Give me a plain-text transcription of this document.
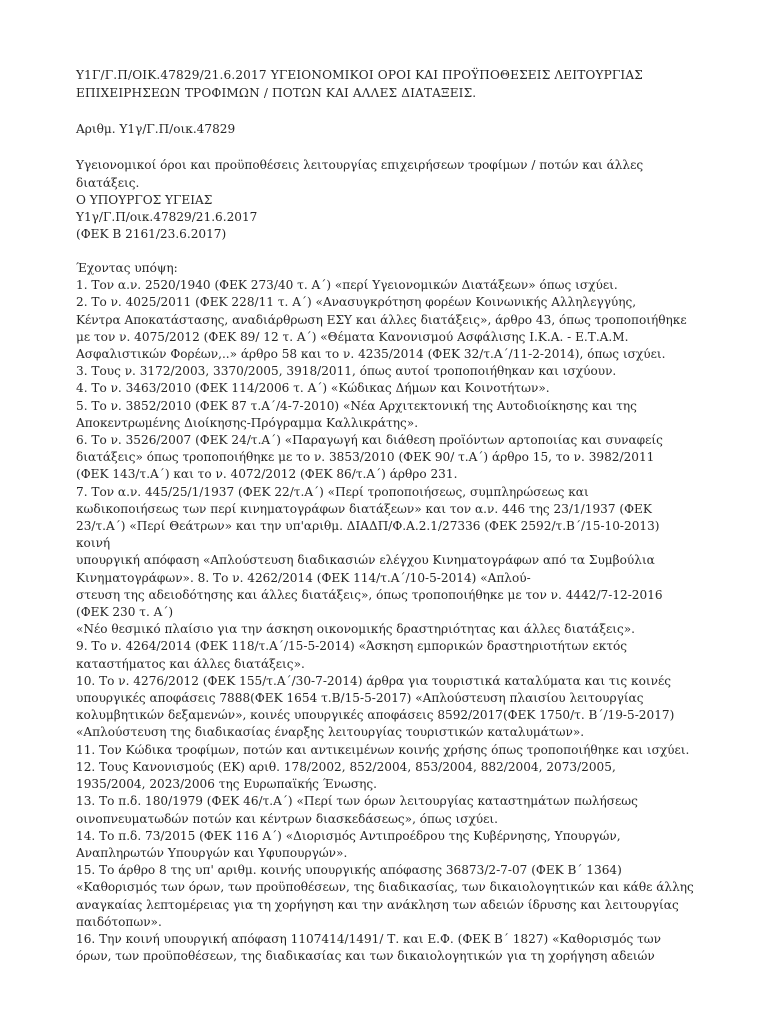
Υ1Γ/Γ.Π/ΟΙΚ.47829/21.6.2017 ΥΓΕΙΟΝΟΜΙΚΟΙ ΟΡΟΙ ΚΑΙ ΠΡΟΫΠΟΘΕΣΕΙΣ ΛΕΙΤΟΥΡΓΙΑΣ
ΕΠΙΧΕΙΡΗΣΕΩΝ ΤΡΟΦΙΜΩΝ / ΠΟΤΩΝ ΚΑΙ ΑΛΛΕΣ ΔΙΑΤΑΞΕΙΣ.
Αριθμ. Υ1γ/Γ.Π/οικ.47829
Υγειονομικοί όροι και προϋποθέσεις λειτουργίας επιχειρήσεων τροφίμων / ποτών και άλλες
διατάξεις.
Ο ΥΠΟΥΡΓΟΣ ΥΓΕΙΑΣ
Υ1γ/Γ.Π/οικ.47829/21.6.2017
(ΦΕΚ Β 2161/23.6.2017)
Έχοντας υπόψη:
1. Τον α.ν. 2520/1940 (ΦΕΚ 273/40 τ. Α΄) «περί Υγειονομικών Διατάξεων» όπως ισχύει.
2. Το ν. 4025/2011 (ΦΕΚ 228/11 τ. Α΄) «Ανασυγκρότηση φορέων Κοινωνικής Αλληλεγγύης,
Κέντρα Αποκατάστασης, αναδιάρθρωση ΕΣΥ και άλλες διατάξεις», άρθρο 43, όπως τροποποιήθηκε
με τον ν. 4075/2012 (ΦΕΚ 89/ 12 τ. Α΄) «Θέματα Κανονισμού Ασφάλισης Ι.Κ.Α. - Ε.Τ.Α.Μ.
Ασφαλιστικών Φορέων,..» άρθρο 58 και το ν. 4235/2014 (ΦΕΚ 32/τ.Α΄/11-2-2014), όπως ισχύει.
3. Τους ν. 3172/2003, 3370/2005, 3918/2011, όπως αυτοί τροποποιήθηκαν και ισχύουν.
4. Το ν. 3463/2010 (ΦΕΚ 114/2006 τ. Α΄) «Κώδικας Δήμων και Κοινοτήτων».
5. Το ν. 3852/2010 (ΦΕΚ 87 τ.Α΄/4-7-2010) «Νέα Αρχιτεκτονική της Αυτοδιοίκησης και της
Αποκεντρωμένης Διοίκησης-Πρόγραμμα Καλλικράτης».
6. Το ν. 3526/2007 (ΦΕΚ 24/τ.Α΄) «Παραγωγή και διάθεση προϊόντων αρτοποιίας και συναφείς
διατάξεις» όπως τροποποιήθηκε με το ν. 3853/2010 (ΦΕΚ 90/ τ.Α΄) άρθρο 15, το ν. 3982/2011
(ΦΕΚ 143/τ.Α΄) και το ν. 4072/2012 (ΦΕΚ 86/τ.Α΄) άρθρο 231.
7. Τον α.ν. 445/25/1/1937 (ΦΕΚ 22/τ.Α΄) «Περί τροποποιήσεως, συμπληρώσεως και
κωδικοποιήσεως των περί κινηματογράφων διατάξεων» και τον α.ν. 446 της 23/1/1937 (ΦΕΚ
23/τ.Α΄) «Περί Θεάτρων» και την υπ'αριθμ. ΔΙΑΔΠ/Φ.Α.2.1/27336 (ΦΕΚ 2592/τ.Β΄/15-10-2013)
κοινή
υπουργική απόφαση «Απλούστευση διαδικασιών ελέγχου Κινηματογράφων από τα Συμβούλια
Κινηματογράφων». 8. Το ν. 4262/2014 (ΦΕΚ 114/τ.Α΄/10-5-2014) «Απλού-
στευση της αδειοδότησης και άλλες διατάξεις», όπως τροποποιήθηκε με τον ν. 4442/7-12-2016
(ΦΕΚ 230 τ. Α΄)
«Νέο θεσμικό πλαίσιο για την άσκηση οικονομικής δραστηριότητας και άλλες διατάξεις».
9. Το ν. 4264/2014 (ΦΕΚ 118/τ.Α΄/15-5-2014) «Άσκηση εμπορικών δραστηριοτήτων εκτός
καταστήματος και άλλες διατάξεις».
10. Το ν. 4276/2012 (ΦΕΚ 155/τ.Α΄/30-7-2014) άρθρα για τουριστικά καταλύματα και τις κοινές
υπουργικές αποφάσεις 7888(ΦΕΚ 1654 τ.Β/15-5-2017) «Απλούστευση πλαισίου λειτουργίας
κολυμβητικών δεξαμενών», κοινές υπουργικές αποφάσεις 8592/2017(ΦΕΚ 1750/τ. Β΄/19-5-2017)
«Απλούστευση της διαδικασίας έναρξης λειτουργίας τουριστικών καταλυμάτων».
11. Τον Κώδικα τροφίμων, ποτών και αντικειμένων κοινής χρήσης όπως τροποποιήθηκε και ισχύει.
12. Τους Κανονισμούς (ΕΚ) αριθ. 178/2002, 852/2004, 853/2004, 882/2004, 2073/2005,
1935/2004, 2023/2006 της Ευρωπαϊκής Ένωσης.
13. Το π.δ. 180/1979 (ΦΕΚ 46/τ.Α΄) «Περί των όρων λειτουργίας καταστημάτων πωλήσεως
οινοπνευματωδών ποτών και κέντρων διασκεδάσεως», όπως ισχύει.
14. Το π.δ. 73/2015 (ΦΕΚ 116 Α΄) «Διορισμός Αντιπροέδρου της Κυβέρνησης, Υπουργών,
Αναπληρωτών Υπουργών και Υφυπουργών».
15. Το άρθρο 8 της υπ' αριθμ. κοινής υπουργικής απόφασης 36873/2-7-07 (ΦΕΚ Β΄ 1364)
«Καθορισμός των όρων, των προϋποθέσεων, της διαδικασίας, των δικαιολογητικών και κάθε άλλης
αναγκαίας λεπτομέρειας για τη χορήγηση και την ανάκληση των αδειών ίδρυσης και λειτουργίας
παιδότοπων».
16. Την κοινή υπουργική απόφαση 1107414/1491/ Τ. και Ε.Φ. (ΦΕΚ Β΄ 1827) «Καθορισμός των
όρων, των προϋποθέσεων, της διαδικασίας και των δικαιολογητικών για τη χορήγηση αδειών
